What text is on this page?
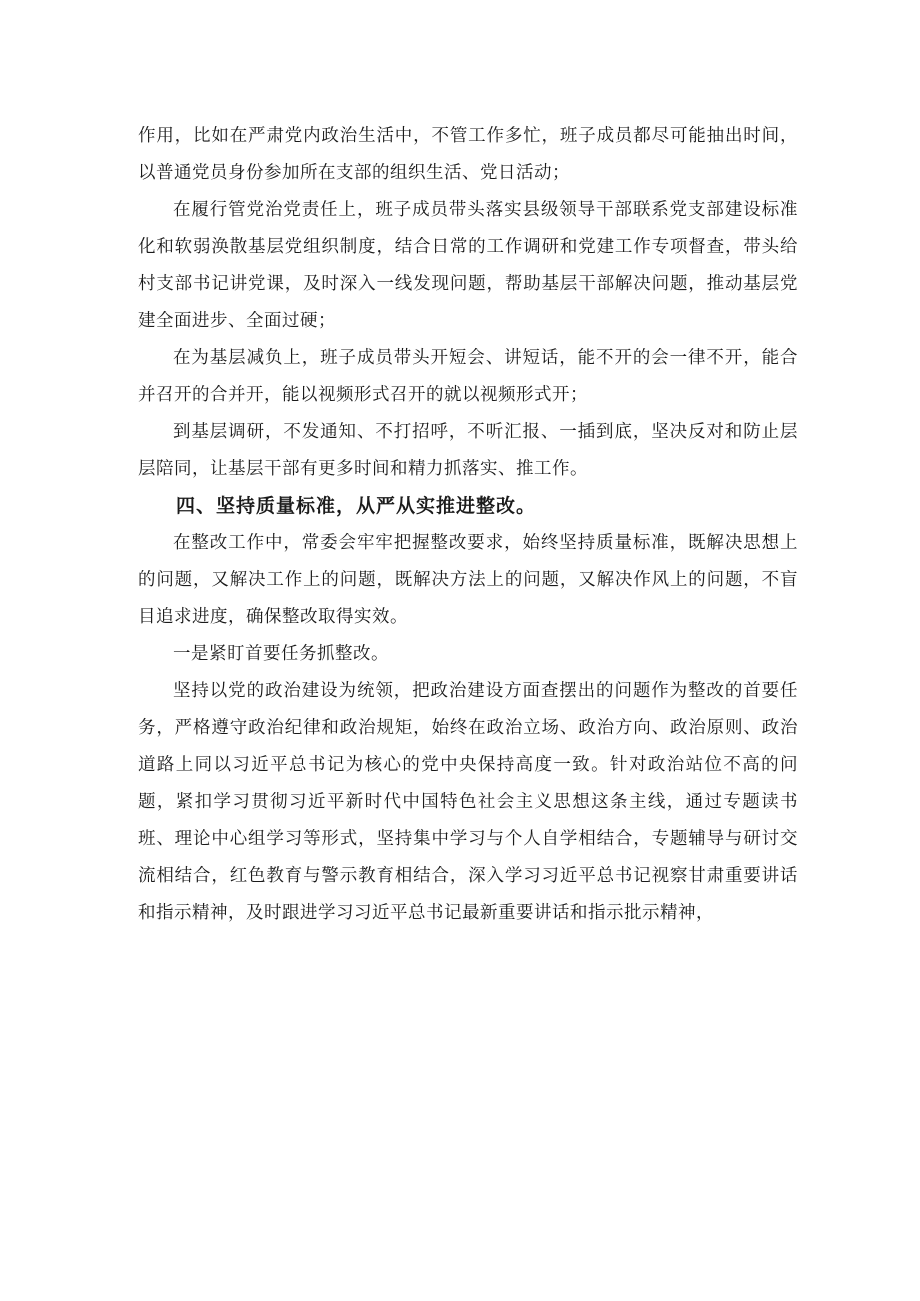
作用，比如在严肃党内政治生活中，不管工作多忙，班子成员都尽可能抽出时间，以普通党员身份参加所在支部的组织生活、党日活动；

在履行管党治党责任上，班子成员带头落实县级领导干部联系党支部建设标准化和软弱涣散基层党组织制度，结合日常的工作调研和党建工作专项督查，带头给村支部书记讲党课，及时深入一线发现问题，帮助基层干部解决问题，推动基层党建全面进步、全面过硬；

在为基层减负上，班子成员带头开短会、讲短话，能不开的会一律不开，能合并召开的合并开，能以视频形式召开的就以视频形式开；

到基层调研，不发通知、不打招呼，不听汇报、一插到底，坚决反对和防止层层陪同，让基层干部有更多时间和精力抓落实、推工作。

四、坚持质量标准，从严从实推进整改。

在整改工作中，常委会牢牢把握整改要求，始终坚持质量标准，既解决思想上的问题，又解决工作上的问题，既解决方法上的问题，又解决作风上的问题，不盲目追求进度，确保整改取得实效。

一是紧盯首要任务抓整改。

坚持以党的政治建设为统领，把政治建设方面查摆出的问题作为整改的首要任务，严格遵守政治纪律和政治规矩，始终在政治立场、政治方向、政治原则、政治道路上同以习近平总书记为核心的党中央保持高度一致。针对政治站位不高的问题，紧扣学习贯彻习近平新时代中国特色社会主义思想这条主线，通过专题读书班、理论中心组学习等形式，坚持集中学习与个人自学相结合，专题辅导与研讨交流相结合，红色教育与警示教育相结合，深入学习习近平总书记视察甘肃重要讲话和指示精神，及时跟进学习习近平总书记最新重要讲话和指示批示精神，
